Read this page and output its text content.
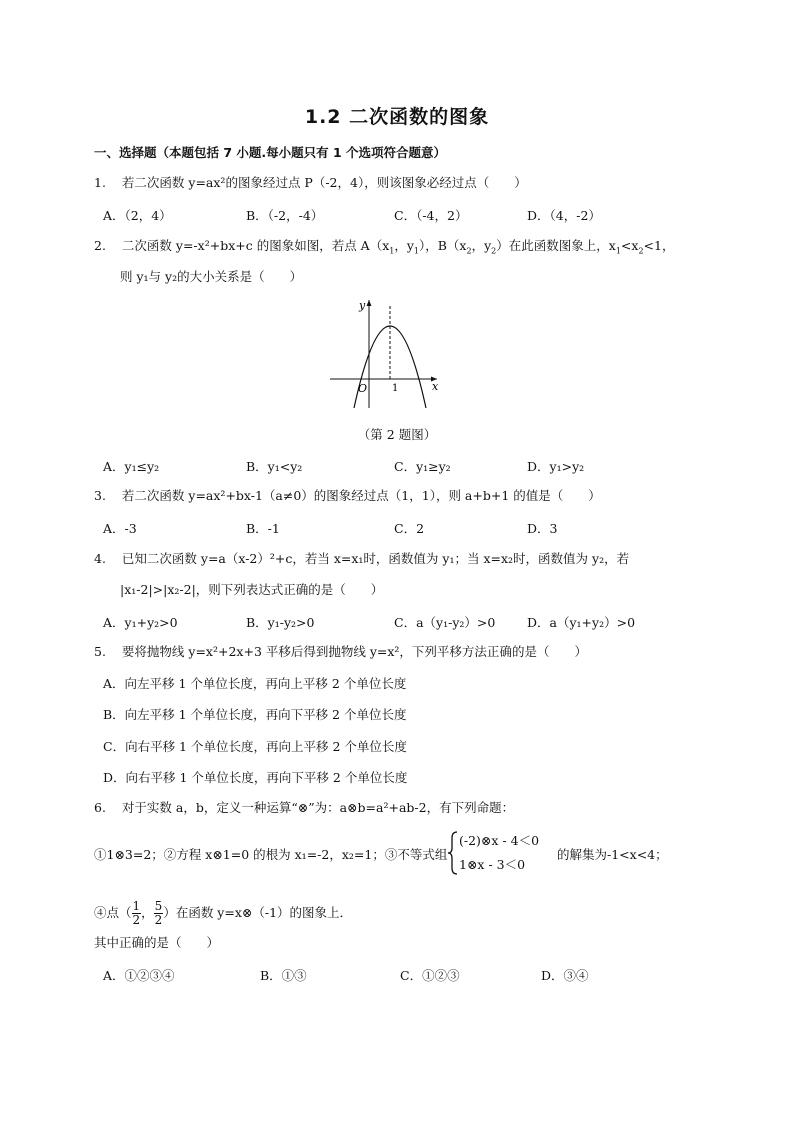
1.2 二次函数的图象
一、选择题（本题包括 7 小题.每小题只有 1 个选项符合题意）
1. 若二次函数 y=ax²的图象经过点 P（-2，4），则该图象必经过点（　　）
A．（2，4）	B．（-2，-4）	C．（-4，2）	D．（4，-2）
2. 二次函数 y=-x²+bx+c 的图象如图，若点 $A(x_1$，$y_1$），$B(x_2$，$y_2$）在此函数图象上，$x_1<x_2<1$，
则 y₁与 y₂的大小关系是（　　）
y
x
O 1
（第 2 题图）
A．y₁≤y₂	B．y₁<y₂	C．y₁≥y₂	D．y₁>y₂
3. 若二次函数 y=ax²+bx-1（a≠0）的图象经过点（1，1），则 a+b+1 的值是（　　）
A．-3	B．-1	C．2	D．3
4. 已知二次函数 y=a（x-2）²+c，若当 x=x₁时，函数值为 y₁；当 x=x₂时，函数值为 y₂，若
|x₁-2|>|x₂-2|，则下列表达式正确的是（　　）
A．y₁+y₂>0	B．y₁-y₂>0	C．a（y₁-y₂）>0	D．a（y₁+y₂）>0
5. 要将抛物线 y=x²+2x+3 平移后得到抛物线 y=x²，下列平移方法正确的是（　　）
A．向左平移 1 个单位长度，再向上平移 2 个单位长度
B．向左平移 1 个单位长度，再向下平移 2 个单位长度
C．向右平移 1 个单位长度，再向上平移 2 个单位长度
D．向右平移 1 个单位长度，再向下平移 2 个单位长度
6. 对于实数 a，b，定义一种运算“⊗”为：a⊗b=a²+ab-2，有下列命题：
①1⊗3=2；②方程 x⊗1=0 的根为 x₁=-2，x₂=1；③不等式组
(-2)⊗x - 4＜0
1⊗x - 3＜0
的解集为-1<x<4；
④点（ $\frac{1}{2}$ ， $\frac{5}{2}$ ）在函数 y=x⊗（-1）的图象上．
其中正确的是（　　）
A．①②③④	B．①③	C．①②③	D．③④
